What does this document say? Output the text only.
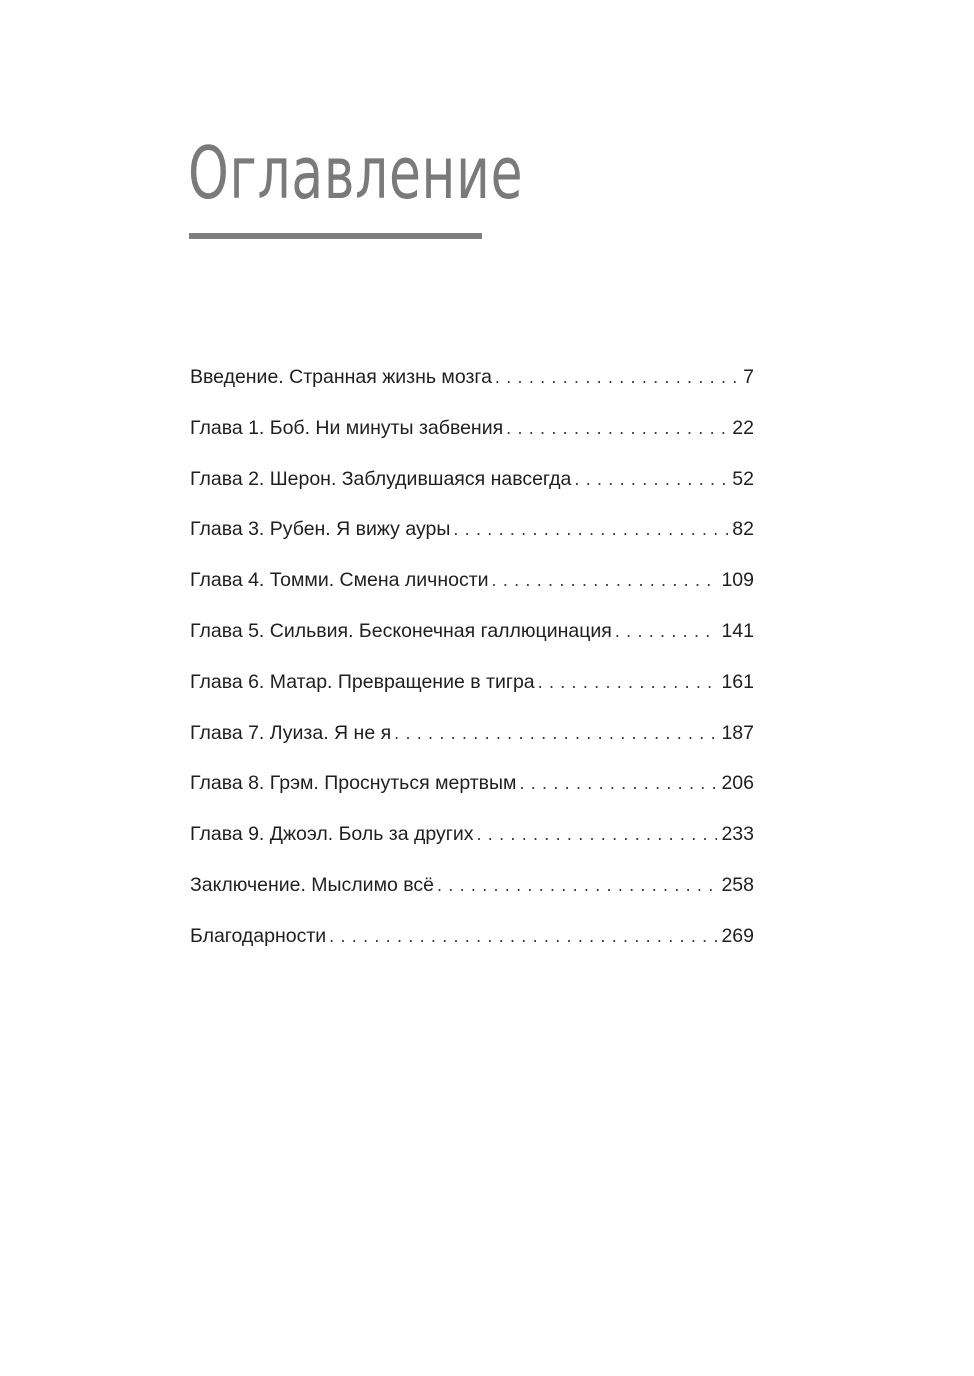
Оглавление
Введение. Странная жизнь мозга . . .	7
Глава 1. Боб. Ни минуты забвения . . .	22
Глава 2. Шерон. Заблудившаяся навсегда . . .	52
Глава 3. Рубен. Я вижу ауры . . .	82
Глава 4. Томми. Смена личности . . .	109
Глава 5. Сильвия. Бесконечная галлюцинация . . .	141
Глава 6. Матар. Превращение в тигра . . .	161
Глава 7. Луиза. Я не я . . .	187
Глава 8. Грэм. Проснуться мертвым . . .	206
Глава 9. Джоэл. Боль за других . . .	233
Заключение. Мыслимо всё . . .	258
Благодарности . . .	269
